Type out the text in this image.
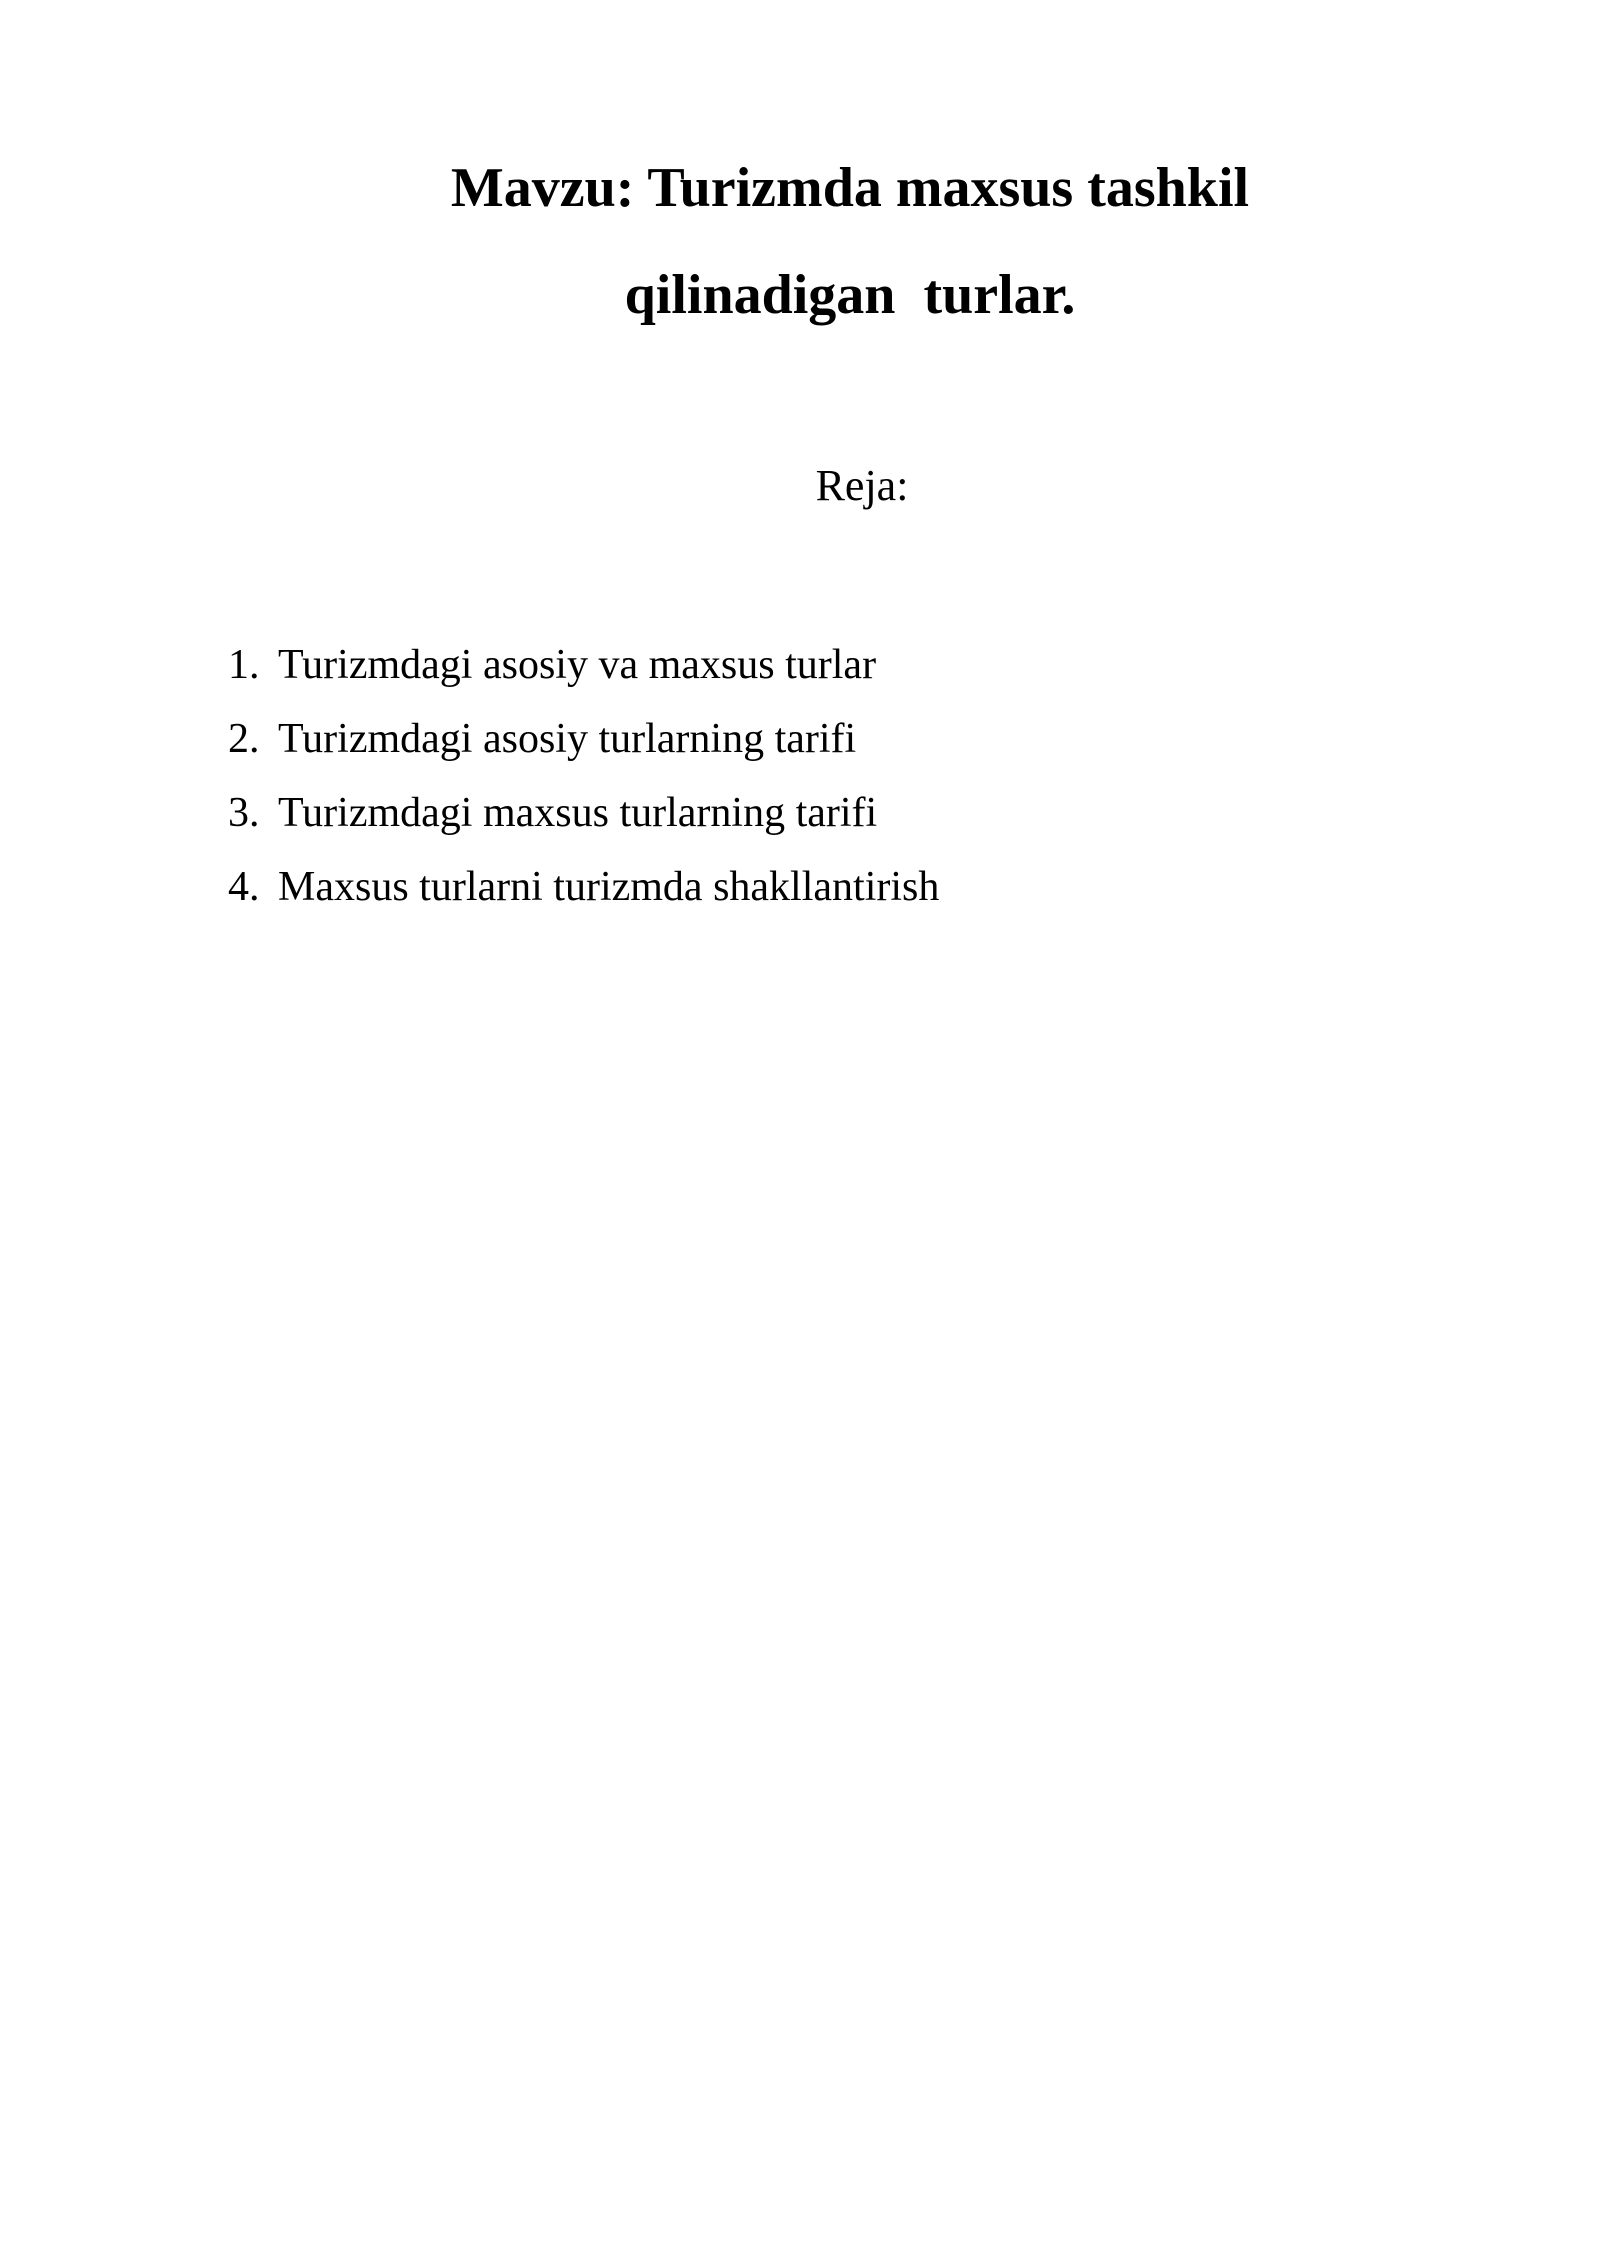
Mavzu: Turizmda maxsus tashkil
qilinadigan  turlar.
Reja:
1. Turizmdagi asosiy va maxsus turlar
2. Turizmdagi asosiy turlarning tarifi
3. Turizmdagi maxsus turlarning tarifi
4. Maxsus turlarni turizmda shakllantirish
